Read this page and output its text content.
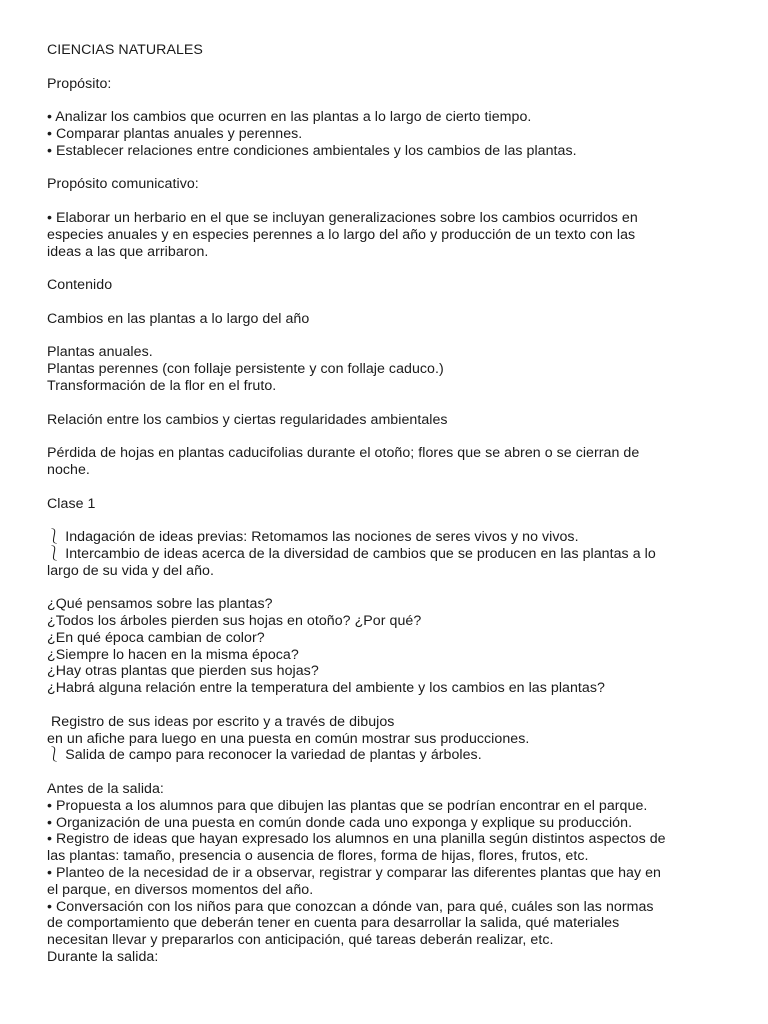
CIENCIAS NATURALES
Propósito:
• Analizar los cambios que ocurren en las plantas a lo largo de cierto tiempo.
• Comparar plantas anuales y perennes.
• Establecer relaciones entre condiciones ambientales y los cambios de las plantas.
Propósito comunicativo:
• Elaborar un herbario en el que se incluyan generalizaciones sobre los cambios ocurridos en
especies anuales y en especies perennes a lo largo del año y producción de un texto con las
ideas a las que arribaron.
Contenido
Cambios en las plantas a lo largo del año
Plantas anuales.
Plantas perennes (con follaje persistente y con follaje caduco.)
Transformación de la flor en el fruto.
Relación entre los cambios y ciertas regularidades ambientales
Pérdida de hojas en plantas caducifolias durante el otoño; flores que se abren o se cierran de
noche.
Clase 1
⎱ Indagación de ideas previas: Retomamos las nociones de seres vivos y no vivos.
⎱ Intercambio de ideas acerca de la diversidad de cambios que se producen en las plantas a lo
largo de su vida y del año.
¿Qué pensamos sobre las plantas?
¿Todos los árboles pierden sus hojas en otoño? ¿Por qué?
¿En qué época cambian de color?
¿Siempre lo hacen en la misma época?
¿Hay otras plantas que pierden sus hojas?
¿Habrá alguna relación entre la temperatura del ambiente y los cambios en las plantas?
Registro de sus ideas por escrito y a través de dibujos
en un afiche para luego en una puesta en común mostrar sus producciones.
⎱ Salida de campo para reconocer la variedad de plantas y árboles.
Antes de la salida:
• Propuesta a los alumnos para que dibujen las plantas que se podrían encontrar en el parque.
• Organización de una puesta en común donde cada uno exponga y explique su producción.
• Registro de ideas que hayan expresado los alumnos en una planilla según distintos aspectos de
las plantas: tamaño, presencia o ausencia de flores, forma de hijas, flores, frutos, etc.
• Planteo de la necesidad de ir a observar, registrar y comparar las diferentes plantas que hay en
el parque, en diversos momentos del año.
• Conversación con los niños para que conozcan a dónde van, para qué, cuáles son las normas
de comportamiento que deberán tener en cuenta para desarrollar la salida, qué materiales
necesitan llevar y prepararlos con anticipación, qué tareas deberán realizar, etc.
Durante la salida:
